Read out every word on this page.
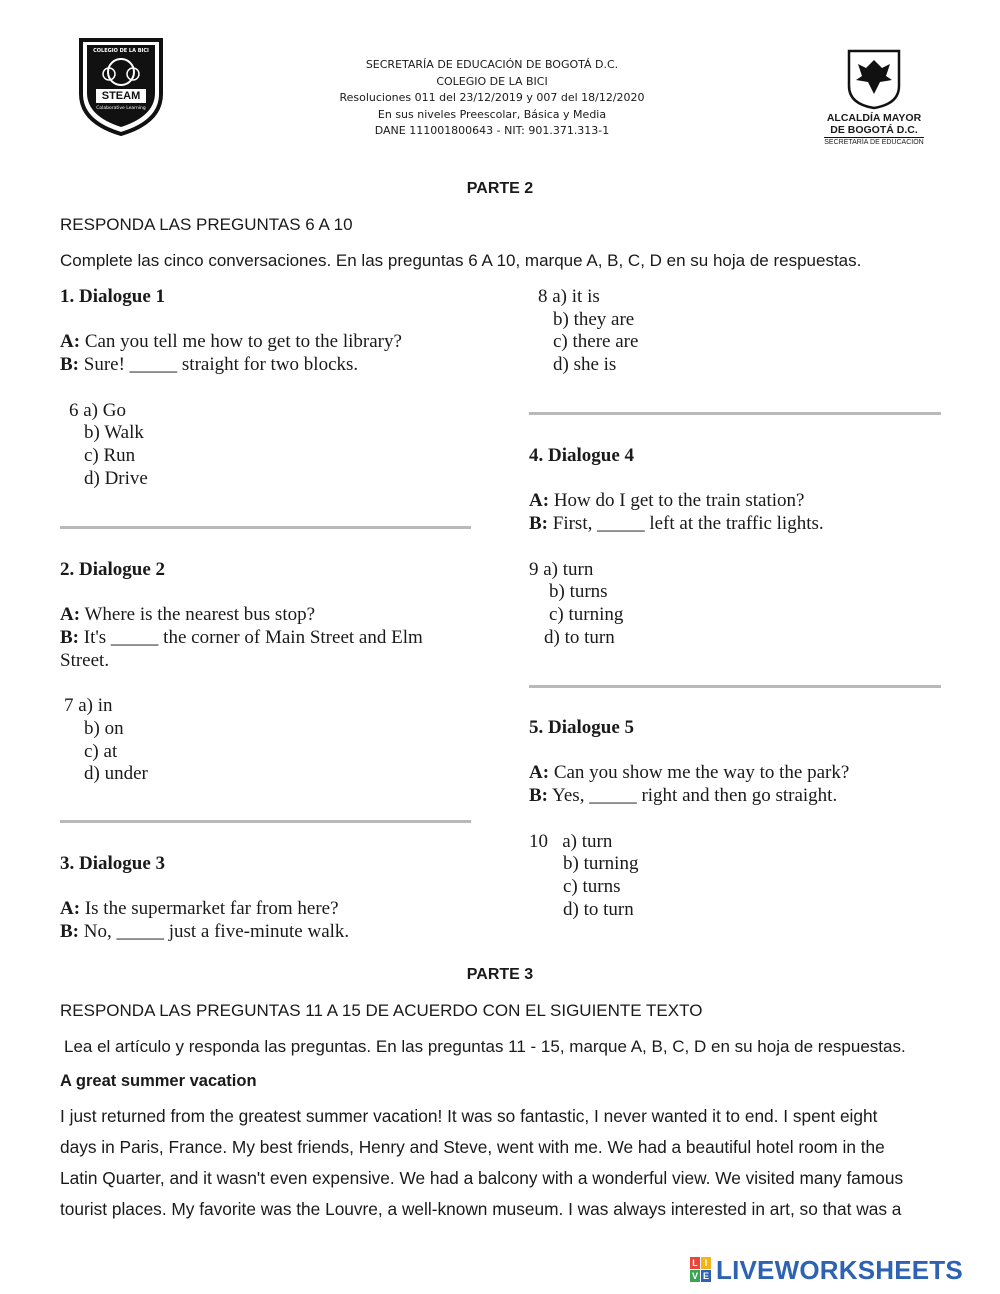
COLEGIO DE LA BICI
STEAM
Colaborative Learning
SECRETARÍA DE EDUCACIÓN DE BOGOTÁ D.C.
COLEGIO DE LA BICI
Resoluciones 011 del 23/12/2019 y 007 del 18/12/2020
En sus niveles Preescolar, Básica y Media
DANE 111001800643 - NIT: 901.371.313-1
ALCALDÍA MAYOR
DE BOGOTÁ D.C.
SECRETARÍA DE EDUCACIÓN
PARTE 2
RESPONDA LAS PREGUNTAS 6 A 10
Complete las cinco conversaciones. En las preguntas 6 A 10, marque A, B, C, D en su hoja de respuestas.
1. Dialogue 1

A: Can you tell me how to get to the library?
B: Sure! _____ straight for two blocks.

6 a) Go
b) Walk
c) Run
d) Drive
2. Dialogue 2

A: Where is the nearest bus stop?
B: It's _____ the corner of Main Street and Elm
Street.

7 a) in
b) on
c) at
d) under
3. Dialogue 3

A: Is the supermarket far from here?
B: No, _____ just a five-minute walk.
8 a) it is
b) they are
c) there are
d) she is
4. Dialogue 4

A: How do I get to the train station?
B: First, _____ left at the traffic lights.

9 a) turn
b) turns
c) turning
d) to turn
5. Dialogue 5

A: Can you show me the way to the park?
B: Yes, _____ right and then go straight.

10   a) turn
b) turning
c) turns
d) to turn
PARTE 3
RESPONDA LAS PREGUNTAS 11 A 15 DE ACUERDO CON EL SIGUIENTE TEXTO
Lea el artículo y responda las preguntas. En las preguntas 11 - 15, marque A, B, C, D en su hoja de respuestas.
A great summer vacation
I just returned from the greatest summer vacation! It was so fantastic, I never wanted it to end. I spent eight
days in Paris, France. My best friends, Henry and Steve, went with me. We had a beautiful hotel room in the
Latin Quarter, and it wasn't even expensive. We had a balcony with a wonderful view. We visited many famous
tourist places. My favorite was the Louvre, a well-known museum. I was always interested in art, so that was a
L I
V E LIVEWORKSHEETS
